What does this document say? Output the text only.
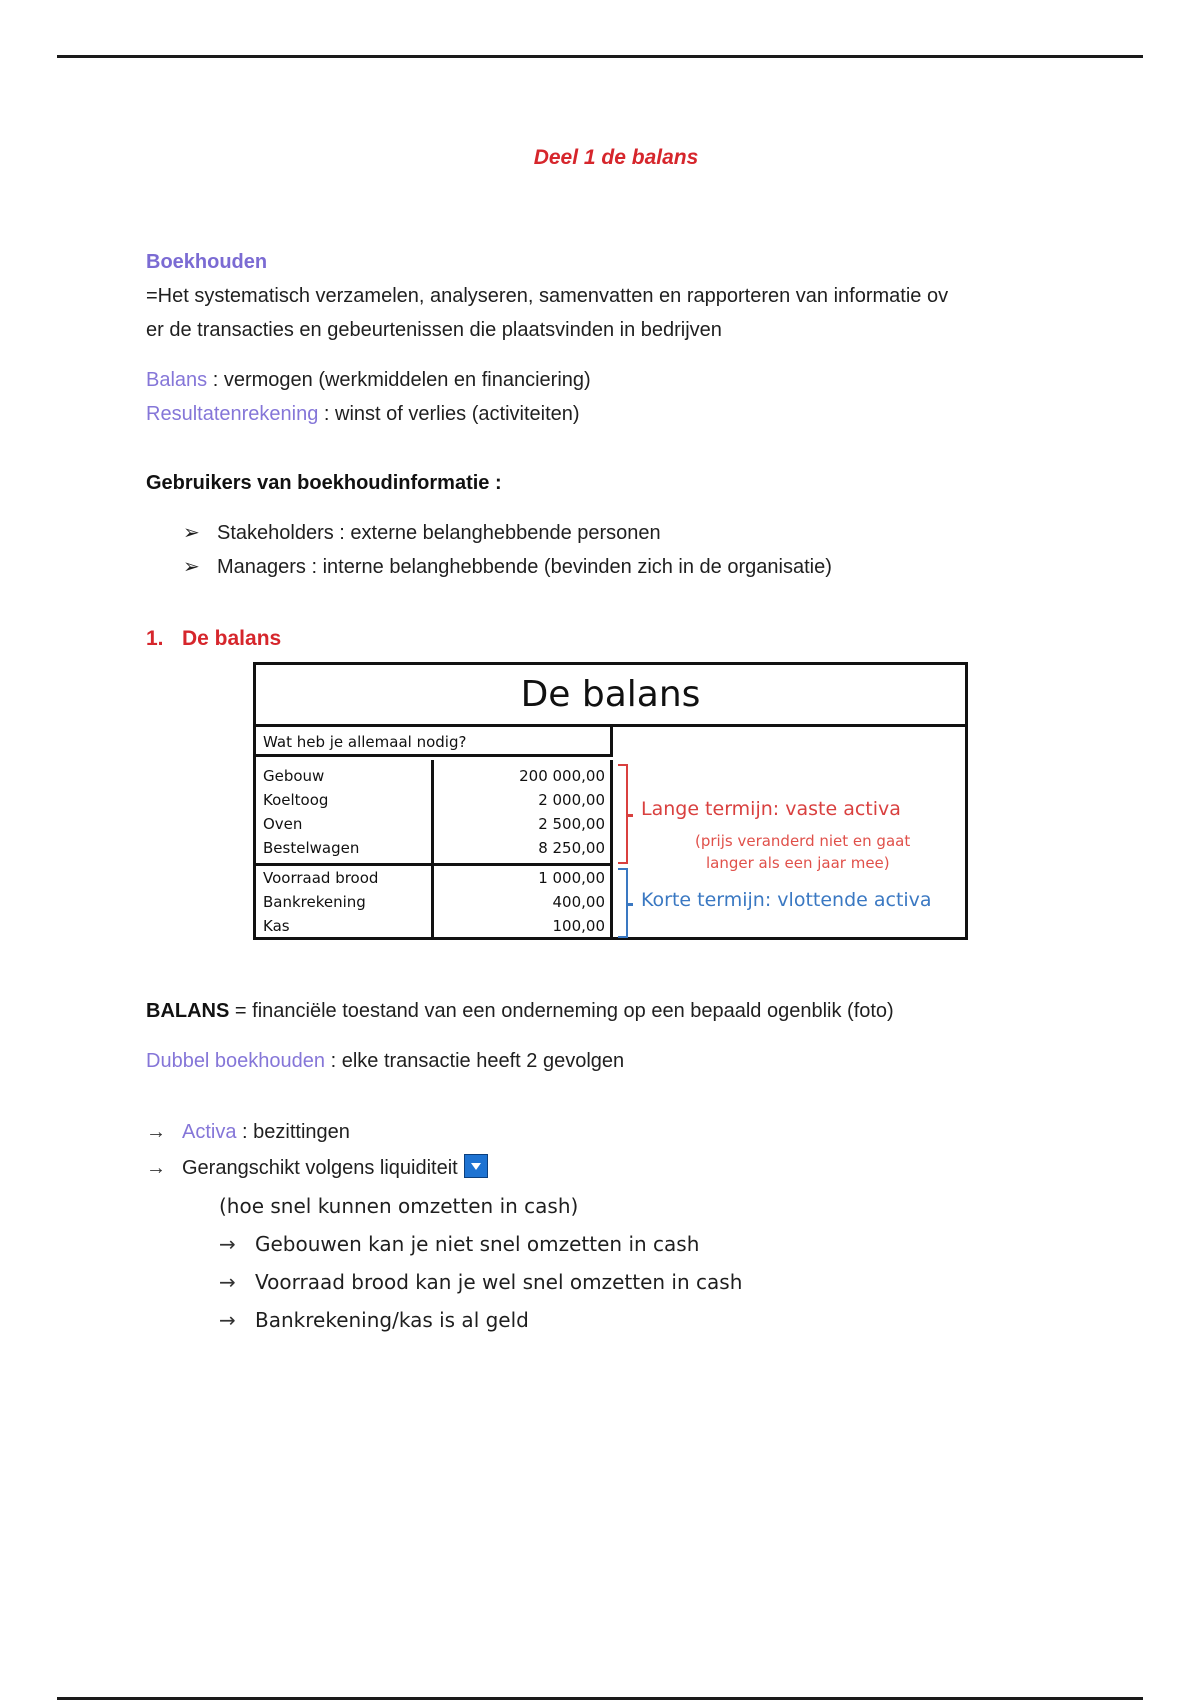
Deel 1 de balans
Boekhouden
=Het systematisch verzamelen, analyseren, samenvatten en rapporteren van informatie ov
er de transacties en gebeurtenissen die plaatsvinden in bedrijven
Balans : vermogen (werkmiddelen en financiering)
Resultatenrekening : winst of verlies (activiteiten)
Gebruikers van boekhoudinformatie :
➢ Stakeholders : externe belanghebbende personen
➢ Managers : interne belanghebbende (bevinden zich in de organisatie)
1. De balans
De balans
Wat heb je allemaal nodig?
Gebouw
Koeltoog
Oven
Bestelwagen
200 000,00
2 000,00
2 500,00
8 250,00
Voorraad brood
Bankrekening
Kas
1 000,00
400,00
100,00
Lange termijn: vaste activa
(prijs veranderd niet en gaat
langer als een jaar mee)
Korte termijn: vlottende activa
BALANS = financiële toestand van een onderneming op een bepaald ogenblik (foto)
Dubbel boekhouden : elke transactie heeft 2 gevolgen
→ Activa : bezittingen
→ Gerangschikt volgens liquiditeit
(hoe snel kunnen omzetten in cash)
→ Gebouwen kan je niet snel omzetten in cash
→ Voorraad brood kan je wel snel omzetten in cash
→ Bankrekening/kas is al geld
